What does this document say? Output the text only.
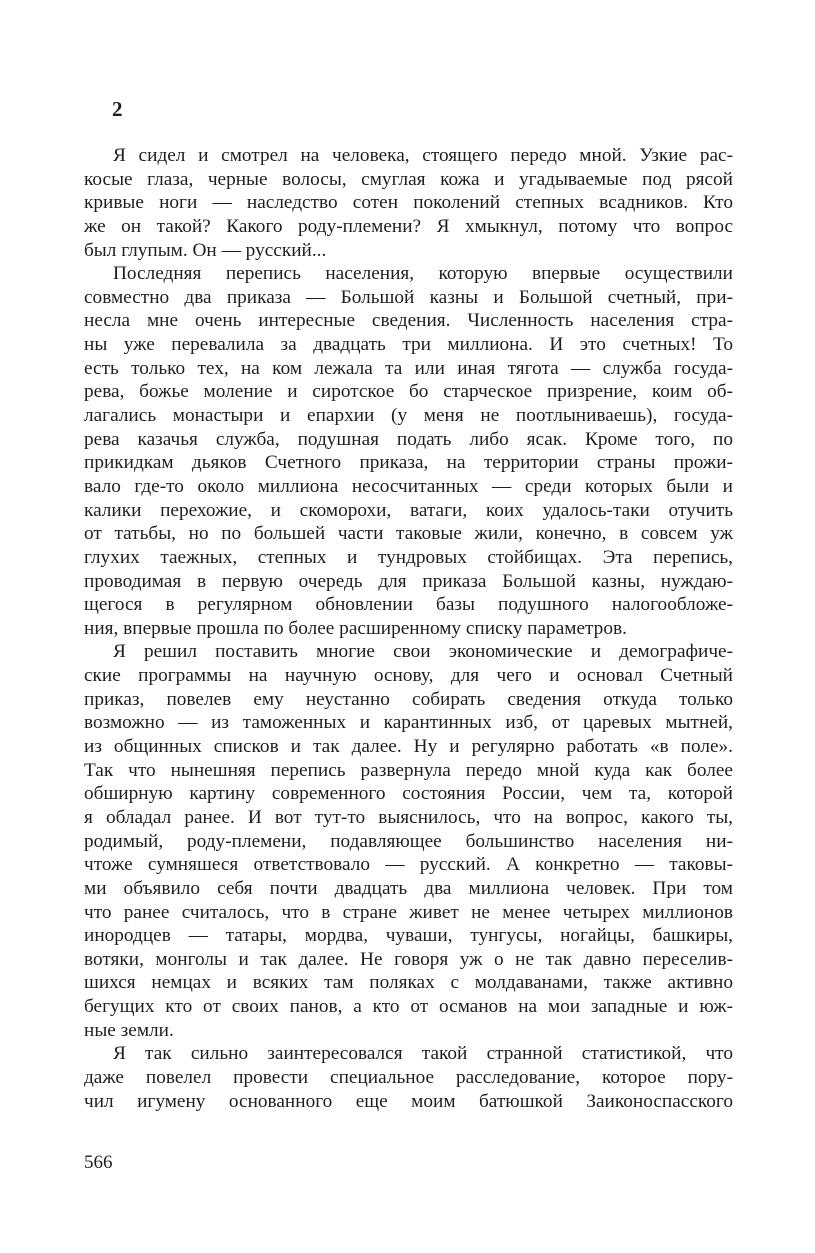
2
Я сидел и смотрел на человека, стоящего передо мной. Узкие рас-
косые глаза, черные волосы, смуглая кожа и угадываемые под рясой
кривые ноги — наследство сотен поколений степных всадников. Кто
же он такой? Какого роду-племени? Я хмыкнул, потому что вопрос
был глупым. Он — русский...
Последняя перепись населения, которую впервые осуществили
совместно два приказа — Большой казны и Большой счетный, при-
несла мне очень интересные сведения. Численность населения стра-
ны уже перевалила за двадцать три миллиона. И это счетных! То
есть только тех, на ком лежала та или иная тягота — служба госуда-
рева, божье моление и сиротское бо старческое призрение, коим об-
лагались монастыри и епархии (у меня не поотлыниваешь), госуда-
рева казачья служба, подушная подать либо ясак. Кроме того, по
прикидкам дьяков Счетного приказа, на территории страны прожи-
вало где-то около миллиона несосчитанных — среди которых были и
калики перехожие, и скоморохи, ватаги, коих удалось-таки отучить
от татьбы, но по большей части таковые жили, конечно, в совсем уж
глухих таежных, степных и тундровых стойбищах. Эта перепись,
проводимая в первую очередь для приказа Большой казны, нуждаю-
щегося в регулярном обновлении базы подушного налогообложе-
ния, впервые прошла по более расширенному списку параметров.
Я решил поставить многие свои экономические и демографиче-
ские программы на научную основу, для чего и основал Счетный
приказ, повелев ему неустанно собирать сведения откуда только
возможно — из таможенных и карантинных изб, от царевых мытней,
из общинных списков и так далее. Ну и регулярно работать «в поле».
Так что нынешняя перепись развернула передо мной куда как более
обширную картину современного состояния России, чем та, которой
я обладал ранее. И вот тут-то выяснилось, что на вопрос, какого ты,
родимый, роду-племени, подавляющее большинство населения ни-
чтоже сумняшеся ответствовало — русский. А конкретно — таковы-
ми объявило себя почти двадцать два миллиона человек. При том
что ранее считалось, что в стране живет не менее четырех миллионов
инородцев — татары, мордва, чуваши, тунгусы, ногайцы, башкиры,
вотяки, монголы и так далее. Не говоря уж о не так давно переселив-
шихся немцах и всяких там поляках с молдаванами, также активно
бегущих кто от своих панов, а кто от османов на мои западные и юж-
ные земли.
Я так сильно заинтересовался такой странной статистикой, что
даже повелел провести специальное расследование, которое пору-
чил игумену основанного еще моим батюшкой Заиконоспасского
566
